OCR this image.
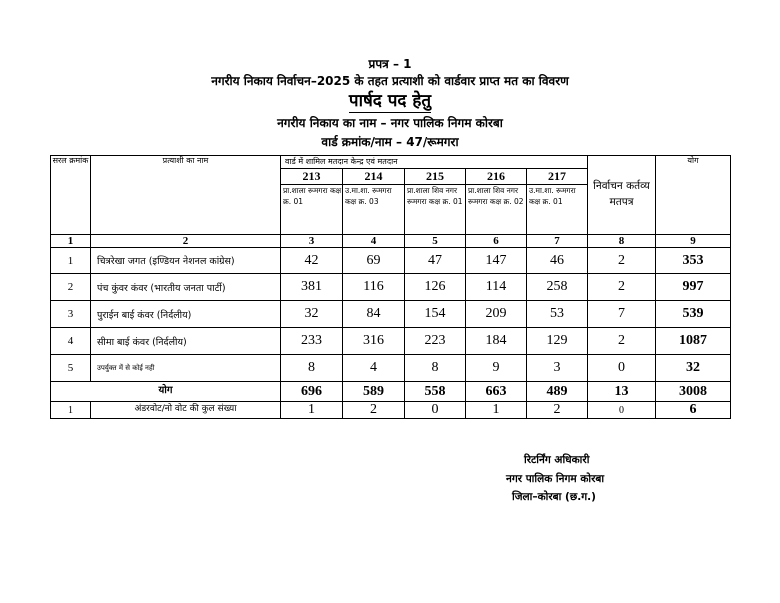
प्रपत्र – 1
नगरीय निकाय निर्वाचन–2025 के तहत प्रत्याशी को वार्डवार प्राप्त मत का विवरण
पार्षद पद हेतु
नगरीय निकाय का नाम – नगर पालिक निगम कोरबा
वार्ड क्रमांक/नाम – 47/रूमगरा
सरल क्रमांक	प्रत्याशी का नाम	वार्ड में शामिल मतदान केन्द्र एवं मतदान					निर्वाचन कर्तव्य मतपत्र	योग
		213	214	215	216	217		
		प्रा.शाला रूमगरा कक्ष क्र. 01	उ.मा.शा. रूमगरा कक्ष क्र. 03	प्रा.शाला शिव नगर रूमगरा कक्ष क्र. 01	प्रा.शाला शिव नगर रूमगरा कक्ष क्र. 02	उ.मा.शा. रूमगरा कक्ष क्र. 01		
1	2	3	4	5	6	7	8	9
1	चित्ररेखा जगत (इण्डियन नेशनल कांग्रेस)	42	69	47	147	46	2	353
2	पंच कुंवर कंवर (भारतीय जनता पार्टी)	381	116	126	114	258	2	997
3	पुराईन बाई कंवर (निर्दलीय)	32	84	154	209	53	7	539
4	सीमा बाई कंवर (निर्दलीय)	233	316	223	184	129	2	1087
5	उपर्युक्त में से कोई नही	8	4	8	9	3	0	32
योग		696	589	558	663	489	13	3008
1	अंडरवोट/नो वोट की कुल संख्या	1	2	0	1	2	0	6
रिटर्निंग अधिकारी
नगर पालिक निगम कोरबा
जिला–कोरबा (छ.ग.)
